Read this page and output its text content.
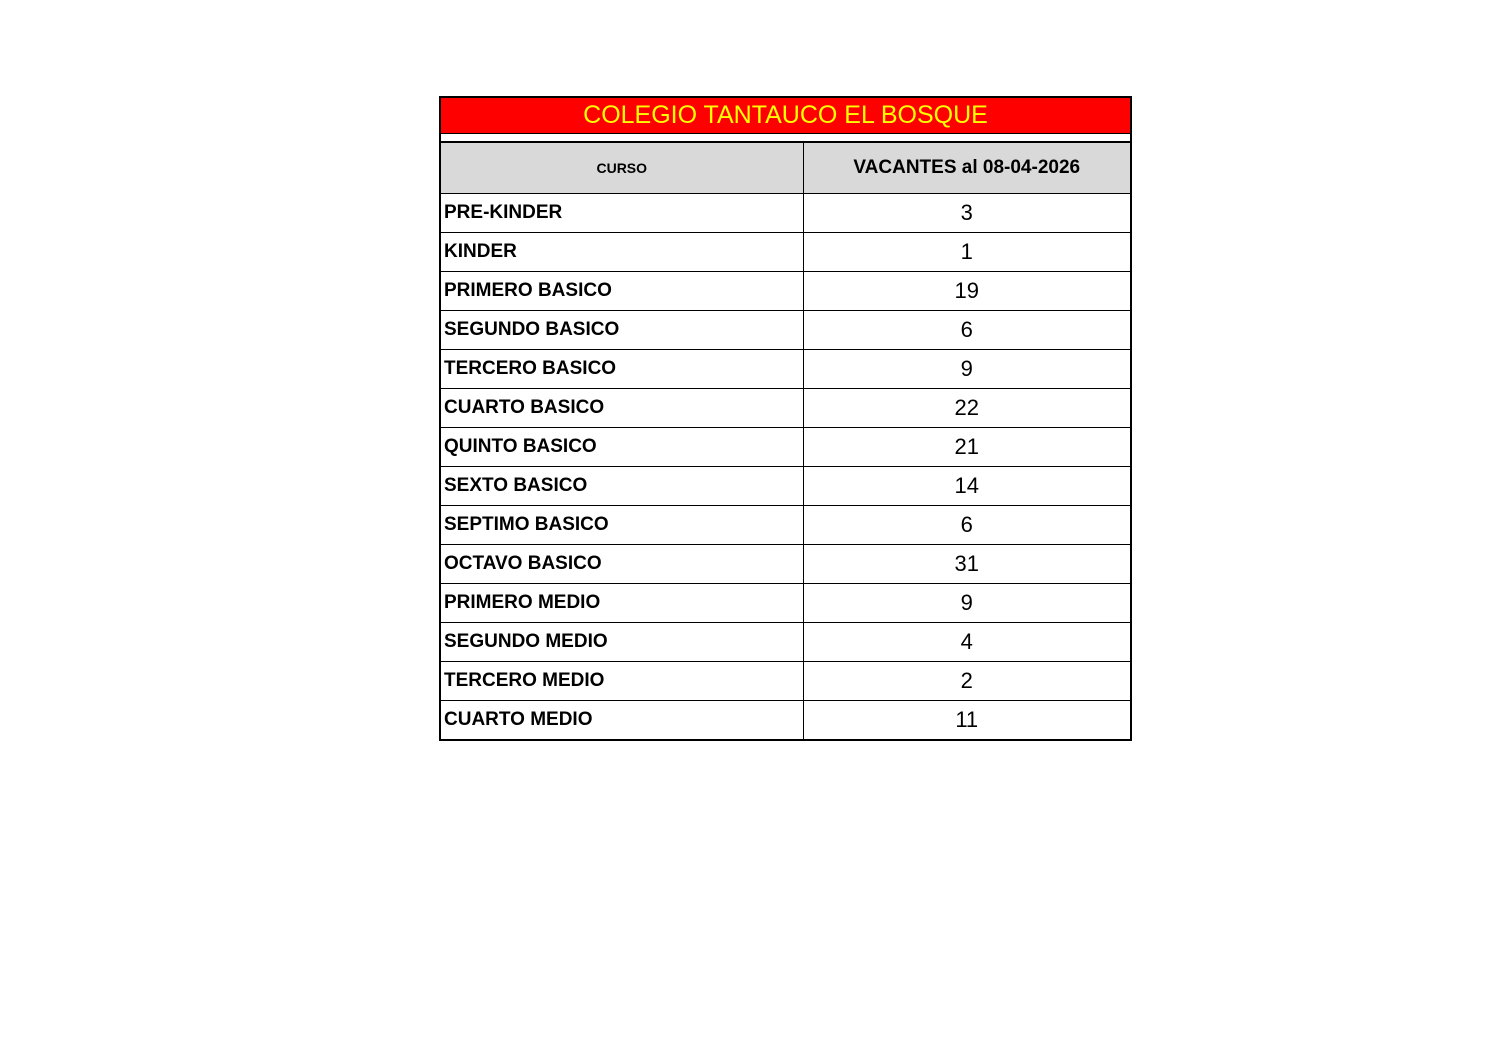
COLEGIO TANTAUCO EL BOSQUE
CURSO	VACANTES al 08-04-2026
PRE-KINDER	3
KINDER	1
PRIMERO BASICO	19
SEGUNDO BASICO	6
TERCERO BASICO	9
CUARTO BASICO	22
QUINTO BASICO	21
SEXTO BASICO	14
SEPTIMO BASICO	6
OCTAVO BASICO	31
PRIMERO MEDIO	9
SEGUNDO MEDIO	4
TERCERO MEDIO	2
CUARTO MEDIO	11
